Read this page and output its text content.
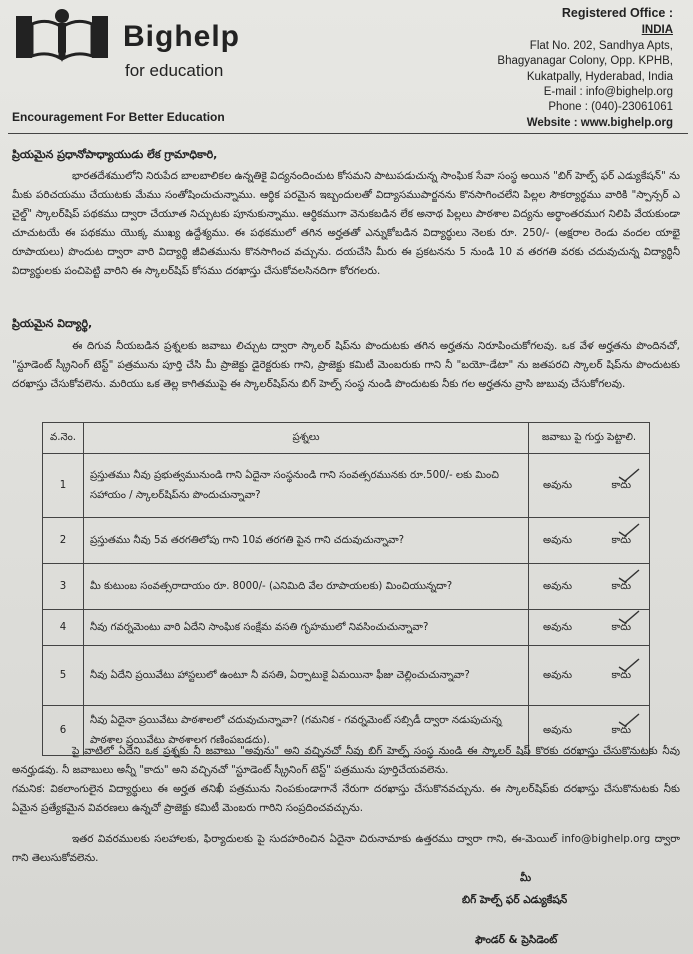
Bighelp
for education
Encouragement For Better Education
Registered Office :
INDIA
Flat No. 202, Sandhya Apts,
Bhagyanagar Colony, Opp. KPHB,
Kukatpally, Hyderabad, India
E-mail : info@bighelp.org
Phone : (040)-23061061
Website : www.bighelp.org
ప్రియమైన ప్రధానోపాధ్యాయుడు లేక గ్రామాధికారి,
భారతదేశములోని నిరుపేద బాలబాలికల ఉన్నతికై విద్యనందించుట కోసమని పాటుపడుచున్న సాంఘిక సేవా సంస్థ అయిన "బిగ్ హెల్ప్ ఫర్ ఎడ్యుకేషన్" ను మీకు పరిచయము చేయుటకు మేము సంతోషించుచున్నాము. ఆర్థిక పరమైన ఇబ్బందులతో విద్యాసముపార్జనను కొనసాగించలేని పిల్లల సౌకర్యార్థము వారికి "స్పాన్సర్ ఎ చైల్డ్" స్కాలర్‌షిప్ పథకము ద్వారా చేయూత నిచ్చుటకు పూనుకున్నాము. ఆర్థికముగా వెనుకబడిన లేక అనాథ పిల్లలు పాఠశాల విద్యను అర్థాంతరముగ నిలిపి వేయకుండా చూచుటయే ఈ పథకము యొక్క ముఖ్య ఉద్దేశ్యము. ఈ పథకములో తగిన అర్హతతో ఎన్నుకోబడిన విద్యార్థులు నెలకు రూ. 250/- (అక్షరాల రెండు వందల యాభై రూపాయలు) పొందుట ద్వారా వారి విద్యార్థి జీవితమును కొనసాగించ వచ్చును. దయచేసి మీరు ఈ ప్రకటనను 5 నుండి 10 వ తరగతి వరకు చదువుచున్న విద్యార్థినీ విద్యార్థులకు పంచిపెట్టి వారిని ఈ స్కాలర్‌షిప్ కోసము దరఖాస్తు చేసుకోవలసినదిగా కోరగలరు.
ప్రియమైన విద్యార్థి,
ఈ దిగువ నీయబడిన ప్రశ్నలకు జవాబు లిచ్చుట ద్వారా స్కాలర్ షిప్‌ను పొందుటకు తగిన అర్హతను నిరూపించుకోగలవు. ఒక వేళ అర్హతను పొందినచో, "స్టూడెంట్ స్క్రీనింగ్ టెస్ట్" పత్రమును పూర్తి చేసి మీ ప్రాజెక్టు డైరెక్టరుకు గాని, ప్రాజెక్టు కమిటీ మెంబరుకు గాని నీ "బయో-డేటా" ను జతపరచి స్కాలర్ షిప్‌ను పొందుటకు దరఖాస్తు చేసుకోవలెను. మరియు ఒక తెల్ల కాగితముపై ఈ స్కాలర్‌షిప్‌ను బిగ్ హెల్ప్ సంస్థ నుండి పొందుటకు నీకు గల అర్హతను వ్రాసి జుబువు చేసుకోగలవు.
వ.నెం.	ప్రశ్నలు	జవాబు పై గుర్తు పెట్టాలి.
1	ప్రస్తుతము నీవు ప్రభుత్వమునుండి గాని ఏదైనా సంస్థనుండి గాని సంవత్సరమునకు రూ.500/- లకు మించి సహాయం / స్కాలర్‌షిప్‌ను పొందుచున్నావా?	అవును కాదు

2	ప్రస్తుతము నీవు 5వ తరగతిలోపు గాని 10వ తరగతి పైన గాని చదువుచున్నావా?	అవును కాదు

3	మీ కుటుంబ సంవత్సరాదాయం రూ. 8000/- (ఎనిమిది వేల రూపాయలకు) మించియున్నదా?	అవును కాదు

4	నీవు గవర్నమెంటు వారి ఏదేని సాంఘిక సంక్షేమ వసతి గృహములో నివసించుచున్నావా?	అవును కాదు

5	నీవు ఏదేని ప్రయివేటు హాస్టలులో ఉంటూ నీ వసతి, ఏర్పాటుకై ఏమయినా ఫీజు చెల్లించుచున్నావా?	అవును కాదు

6	నీవు ఏదైనా ప్రయివేటు పాఠశాలలో చదువుచున్నావా? (గమనిక - గవర్నమెంట్ సబ్సిడీ ద్వారా నడుపుచున్న పాఠశాల ప్రయివేటు పాఠశాలగ గణింపబడదు).	అవును కాదు
పై వాటిలో ఏదేని ఒక ప్రశ్నకు నీ జవాబు "అవును" అని వచ్చినచో నీవు బిగ్ హెల్ప్ సంస్థ నుండి ఈ స్కాలర్ షిప్ కొరకు దరఖాస్తు చేసుకొనుటకు నీవు అనర్హుడవు. నీ జవాబులు అన్నీ "కాదు" అని వచ్చినచో "స్టూడెంట్ స్క్రీనింగ్ టెస్ట్" పత్రమును పూర్తిచేయవలెను.
గమనిక: వికలాంగులైన విద్యార్థులు ఈ అర్హత తనిఖీ పత్రమును నింపకుండాగానే నేరుగా దరఖాస్తు చేసుకొనవచ్చును. ఈ స్కాలర్‌షిప్‌కు దరఖాస్తు చేసుకొనుటకు నీకు ఏమైన ప్రత్యేకమైన వివరణలు ఉన్నచో ప్రాజెక్టు కమిటీ మెంబరు గారిని సంప్రదించవచ్చును.
ఇతర వివరములకు సలహాలకు, ఫిర్యాదులకు పై సుదహరించిన ఏదైనా చిరునామాకు ఉత్తరము ద్వారా గాని, ఈ-మెయిల్ info@bighelp.org ద్వారా గాని తెలుసుకోవలెను.
మీ
బిగ్ హెల్ప్ ఫర్ ఎడ్యుకేషన్
ఫౌండర్ & ప్రెసిడెంట్
